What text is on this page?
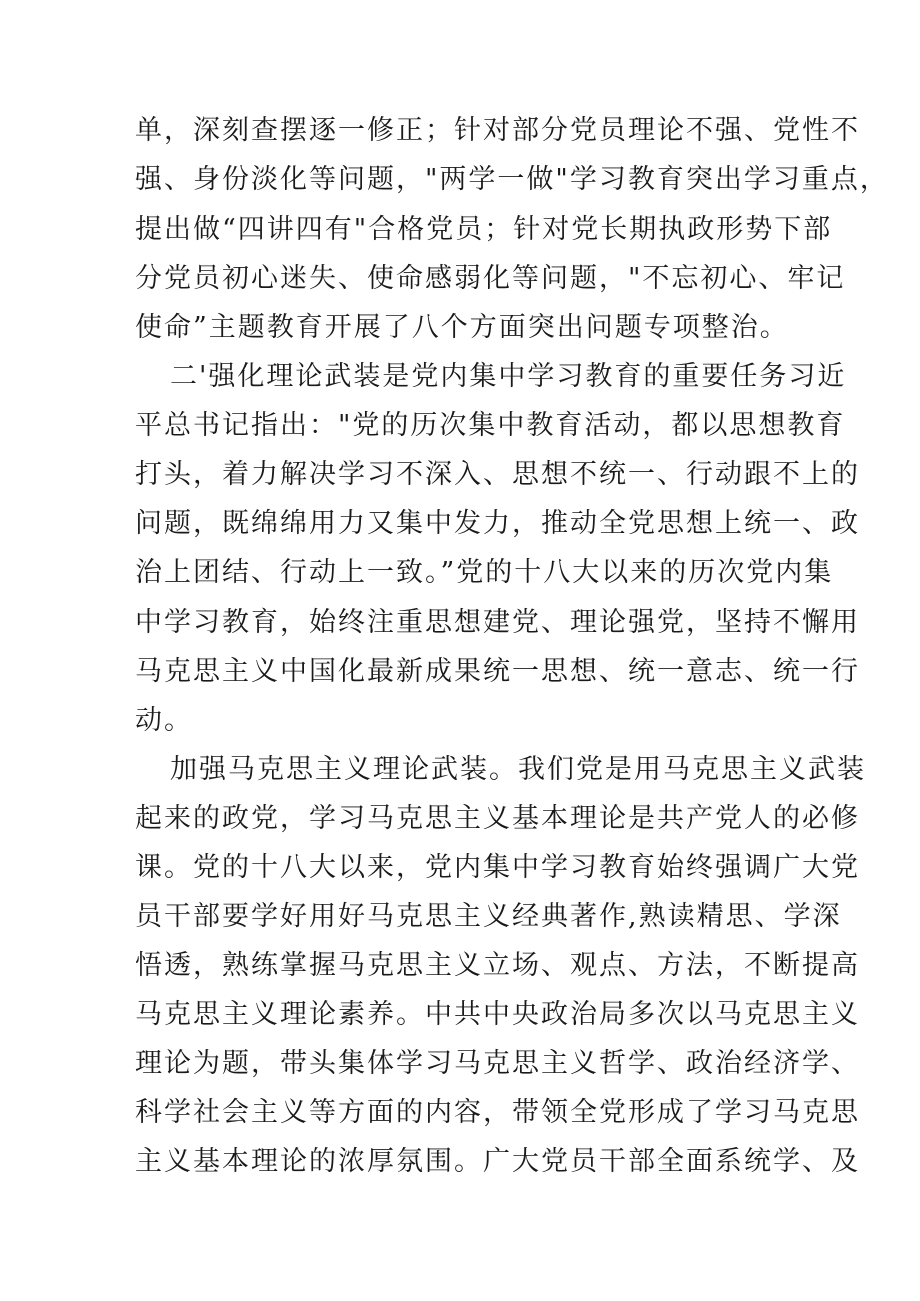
单，深刻查摆逐一修正；针对部分党员理论不强、党性不
强、身份淡化等问题，"两学一做"学习教育突出学习重点，
提出做“四讲四有"合格党员；针对党长期执政形势下部
分党员初心迷失、使命感弱化等问题，"不忘初心、牢记
使命”主题教育开展了八个方面突出问题专项整治。
二'强化理论武装是党内集中学习教育的重要任务习近
平总书记指出："党的历次集中教育活动，都以思想教育
打头，着力解决学习不深入、思想不统一、行动跟不上的
问题，既绵绵用力又集中发力，推动全党思想上统一、政
治上团结、行动上一致。”党的十八大以来的历次党内集
中学习教育，始终注重思想建党、理论强党，坚持不懈用
马克思主义中国化最新成果统一思想、统一意志、统一行
动。
加强马克思主义理论武装。我们党是用马克思主义武装
起来的政党，学习马克思主义基本理论是共产党人的必修
课。党的十八大以来，党内集中学习教育始终强调广大党
员干部要学好用好马克思主义经典著作,熟读精思、学深
悟透，熟练掌握马克思主义立场、观点、方法，不断提高
马克思主义理论素养。中共中央政治局多次以马克思主义
理论为题，带头集体学习马克思主义哲学、政治经济学、
科学社会主义等方面的内容，带领全党形成了学习马克思
主义基本理论的浓厚氛围。广大党员干部全面系统学、及
